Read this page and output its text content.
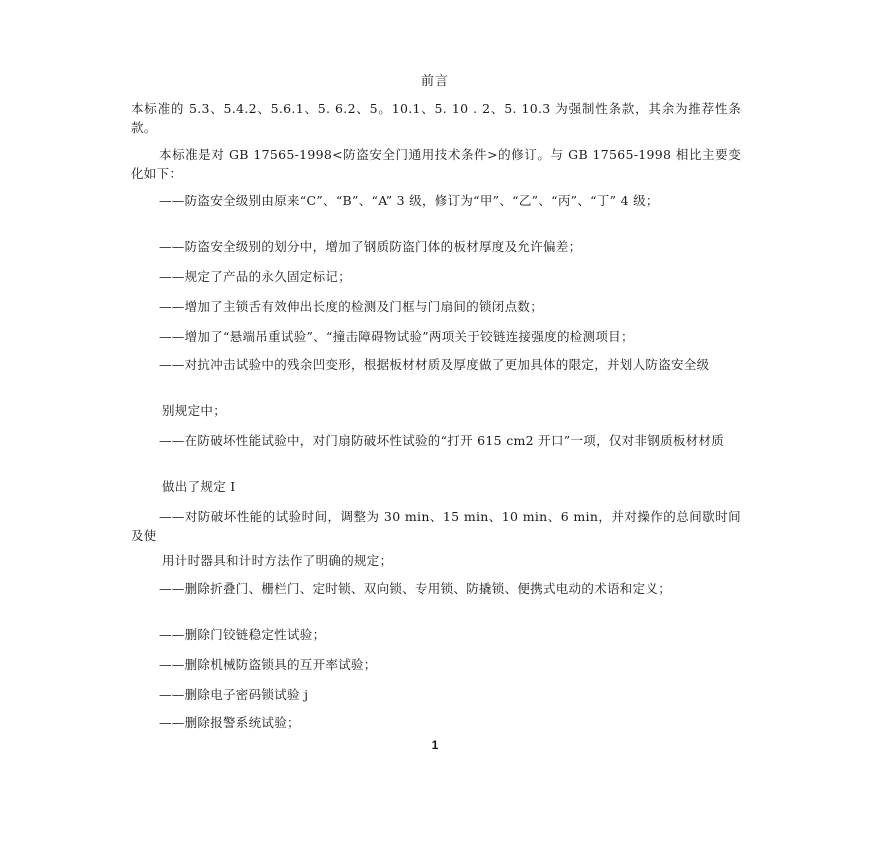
前言
本标准的 5.3、5.4.2、5.6.1、5. 6.2、5。10.1、5. 10 . 2、5. 10.3 为强制性条款，其余为推荐性条款。
本标准是对 GB 17565-1998<防盗安全门通用技术条件>的修订。与 GB 17565-1998 相比主要变化如下：
——防盗安全级别由原来“C”、“B”、“A” 3 级，修订为“甲”、“乙”、“丙”、“丁” 4 级；
——防盗安全级别的划分中，增加了钢质防盗门体的板材厚度及允许偏差；
——规定了产品的永久固定标记；
——增加了主锁舌有效伸出长度的检测及门框与门扇间的锁闭点数；
——增加了“悬端吊重试验”、“撞击障碍物试验”两项关于铰链连接强度的检测项目；
——对抗冲击试验中的残余凹变形，根据板材材质及厚度做了更加具体的限定，并划人防盗安全级
别规定中；
——在防破坏性能试验中，对门扇防破坏性试验的“打开 615 cm2 开口”一项，仅对非钢质板材材质
做出了规定 I
——对防破坏性能的试验时间，调整为 30 min、15 min、10 min、6 min，并对操作的总间歇时间及使
用计时器具和计时方法作了明确的规定；
——删除折叠门、栅栏门、定时锁、双向锁、专用锁、防撬锁、便携式电动的术语和定义；
——删除门铰链稳定性试验；
——删除机械防盗锁具的互开率试验；
——删除电子密码锁试验 j
——删除报警系统试验；
1
